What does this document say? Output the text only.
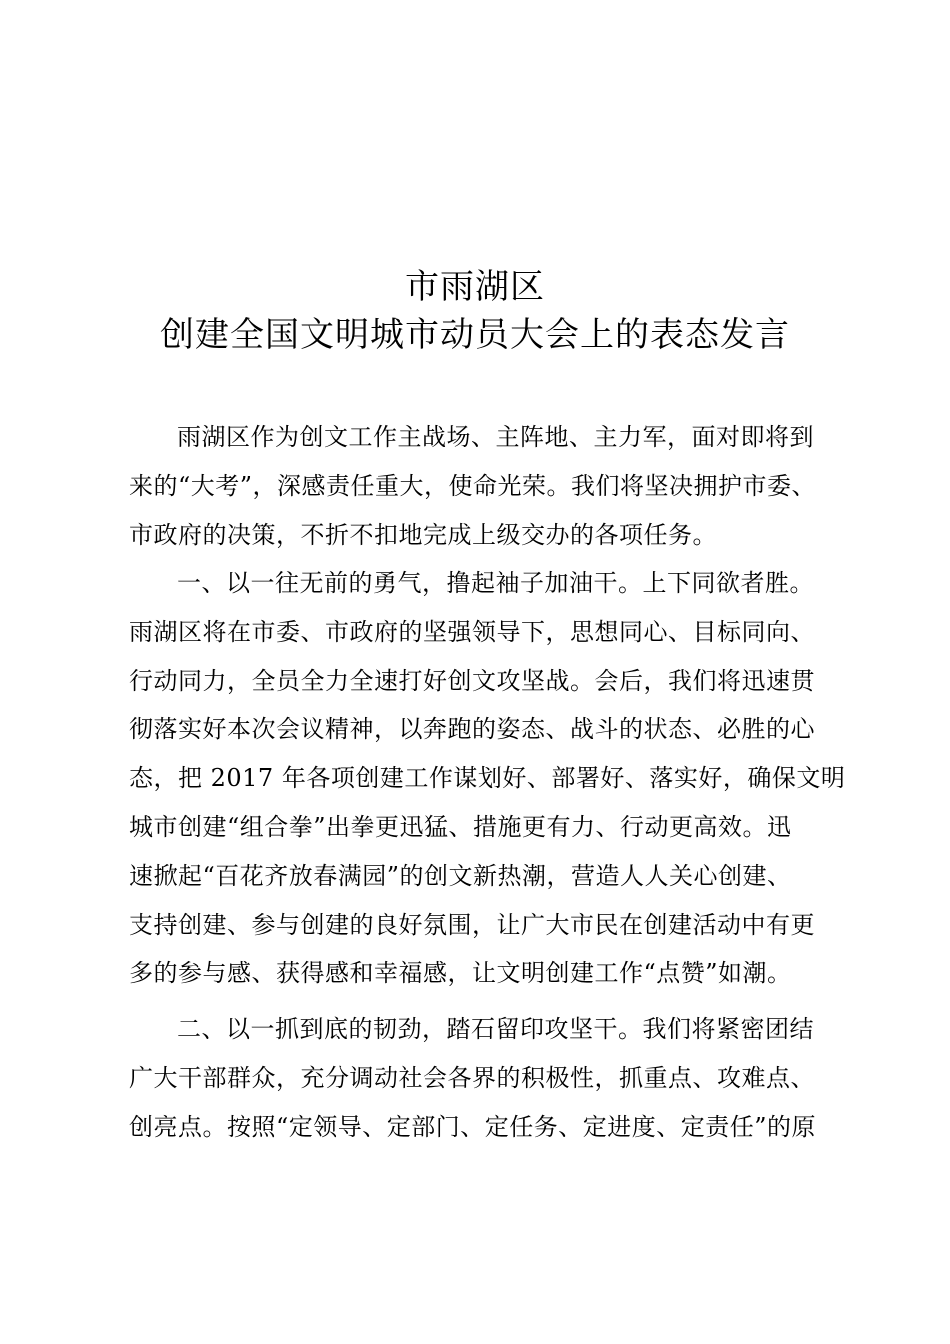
市雨湖区
创建全国文明城市动员大会上的表态发言
雨湖区作为创文工作主战场、主阵地、主力军，面对即将到
来的“大考”，深感责任重大，使命光荣。我们将坚决拥护市委、
市政府的决策，不折不扣地完成上级交办的各项任务。
一、以一往无前的勇气，撸起袖子加油干。上下同欲者胜。
雨湖区将在市委、市政府的坚强领导下，思想同心、目标同向、
行动同力，全员全力全速打好创文攻坚战。会后，我们将迅速贯
彻落实好本次会议精神，以奔跑的姿态、战斗的状态、必胜的心
态，把 2017 年各项创建工作谋划好、部署好、落实好，确保文明
城市创建“组合拳”出拳更迅猛、措施更有力、行动更高效。迅
速掀起“百花齐放春满园”的创文新热潮，营造人人关心创建、
支持创建、参与创建的良好氛围，让广大市民在创建活动中有更
多的参与感、获得感和幸福感，让文明创建工作“点赞”如潮。
二、以一抓到底的韧劲，踏石留印攻坚干。我们将紧密团结
广大干部群众，充分调动社会各界的积极性，抓重点、攻难点、
创亮点。按照“定领导、定部门、定任务、定进度、定责任”的原
